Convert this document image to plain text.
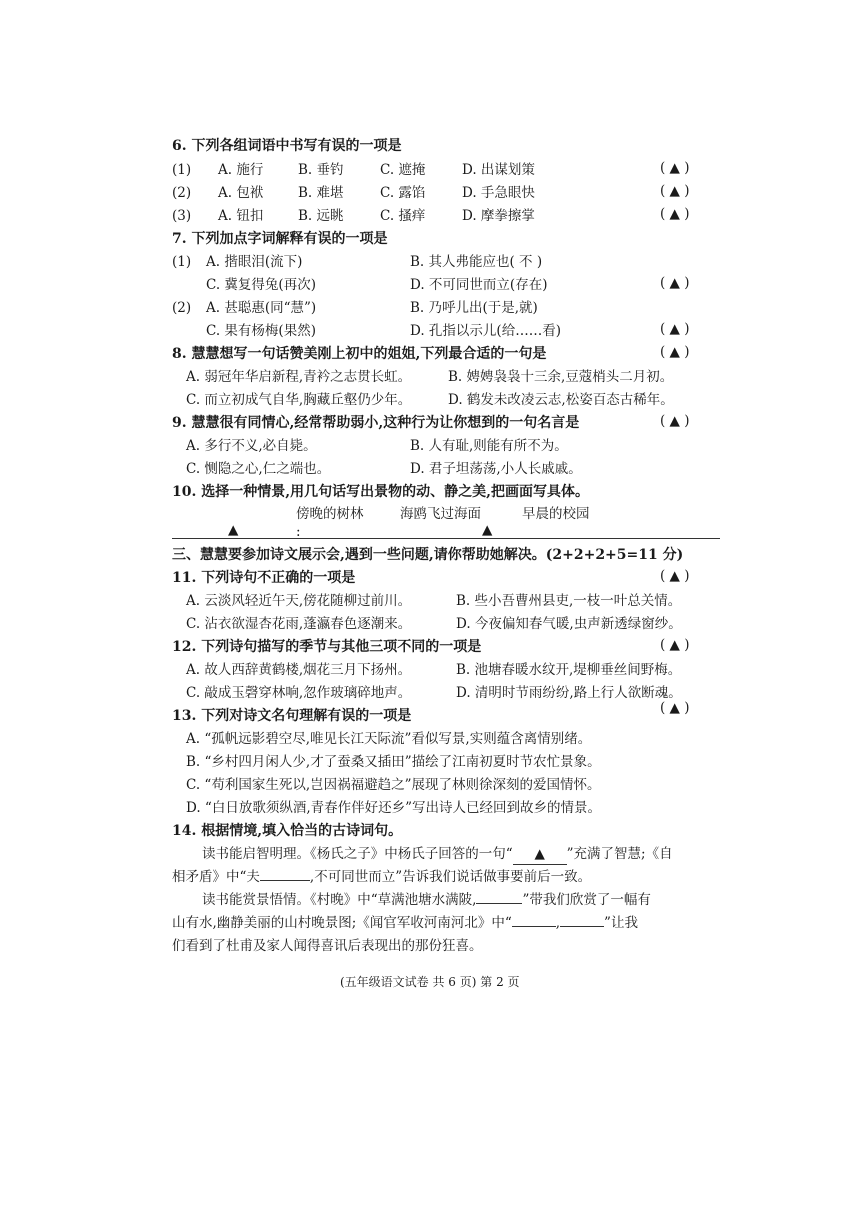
6. 下列各组词语中书写有误的一项是
(1) A. 施行	B. 垂钓	C. 遮掩	D. 出谋划策	( ▲ )
(2) A. 包袱	B. 难堪	C. 露馅	D. 手急眼快	( ▲ )
(3) A. 钮扣	B. 远眺	C. 搔痒	D. 摩拳擦掌	( ▲ )
7. 下列加点字词解释有误的一项是
(1) A. 揩眼泪(流下)	B. 其人弗能应也( 不 )
C. 冀复得兔(再次)	D. 不可同世而立(存在)	( ▲ )
(2) A. 甚聪惠(同“慧”)	B. 乃呼儿出(于是,就)
C. 果有杨梅(果然)	D. 孔指以示儿(给……看)	( ▲ )
8. 慧慧想写一句话赞美刚上初中的姐姐,下列最合适的一句是	( ▲ )
A. 弱冠年华启新程,青衿之志贯长虹。	B. 娉娉袅袅十三余,豆蔻梢头二月初。
C. 而立初成气自华,胸藏丘壑仍少年。	D. 鹤发未改凌云志,松姿百态古稀年。
9. 慧慧很有同情心,经常帮助弱小,这种行为让你想到的一句名言是	( ▲ )
A. 多行不义,必自毙。	B. 人有耻,则能有所不为。
C. 恻隐之心,仁之端也。	D. 君子坦荡荡,小人长戚戚。
10. 选择一种情景,用几句话写出景物的动、静之美,把画面写具体。
傍晚的树林	海鸥飞过海面	早晨的校园
▲	:	▲
三、慧慧要参加诗文展示会,遇到一些问题,请你帮助她解决。(2+2+2+5=11 分)
11. 下列诗句不正确的一项是	( ▲ )
A. 云淡风轻近午天,傍花随柳过前川。	B. 些小吾曹州县吏,一枝一叶总关情。
C. 沾衣欲湿杏花雨,蓬瀛春色逐潮来。	D. 今夜偏知春气暖,虫声新透绿窗纱。
12. 下列诗句描写的季节与其他三项不同的一项是	( ▲ )
A. 故人西辞黄鹤楼,烟花三月下扬州。	B. 池塘春暖水纹开,堤柳垂丝间野梅。
C. 敲成玉磬穿林响,忽作玻璃碎地声。	D. 清明时节雨纷纷,路上行人欲断魂。
13. 下列对诗文名句理解有误的一项是	( ▲ )
A. “孤帆远影碧空尽,唯见长江天际流”看似写景,实则蕴含离情别绪。
B. “乡村四月闲人少,才了蚕桑又插田”描绘了江南初夏时节农忙景象。
C. “苟利国家生死以,岂因祸福避趋之”展现了林则徐深刻的爱国情怀。
D. “白日放歌须纵酒,青春作伴好还乡”写出诗人已经回到故乡的情景。
14. 根据情境,填入恰当的古诗词句。
读书能启智明理。《杨氏之子》中杨氏子回答的一句“ ▲ ”充满了智慧;《自
相矛盾》中“夫	,不可同世而立”告诉我们说话做事要前后一致。
读书能赏景悟情。《村晚》中“草满池塘水满陂,	”带我们欣赏了一幅有
山有水,幽静美丽的山村晚景图;《闻官军收河南河北》中“	,	”让我
们看到了杜甫及家人闻得喜讯后表现出的那份狂喜。
(五年级语文试卷 共 6 页) 第 2 页
